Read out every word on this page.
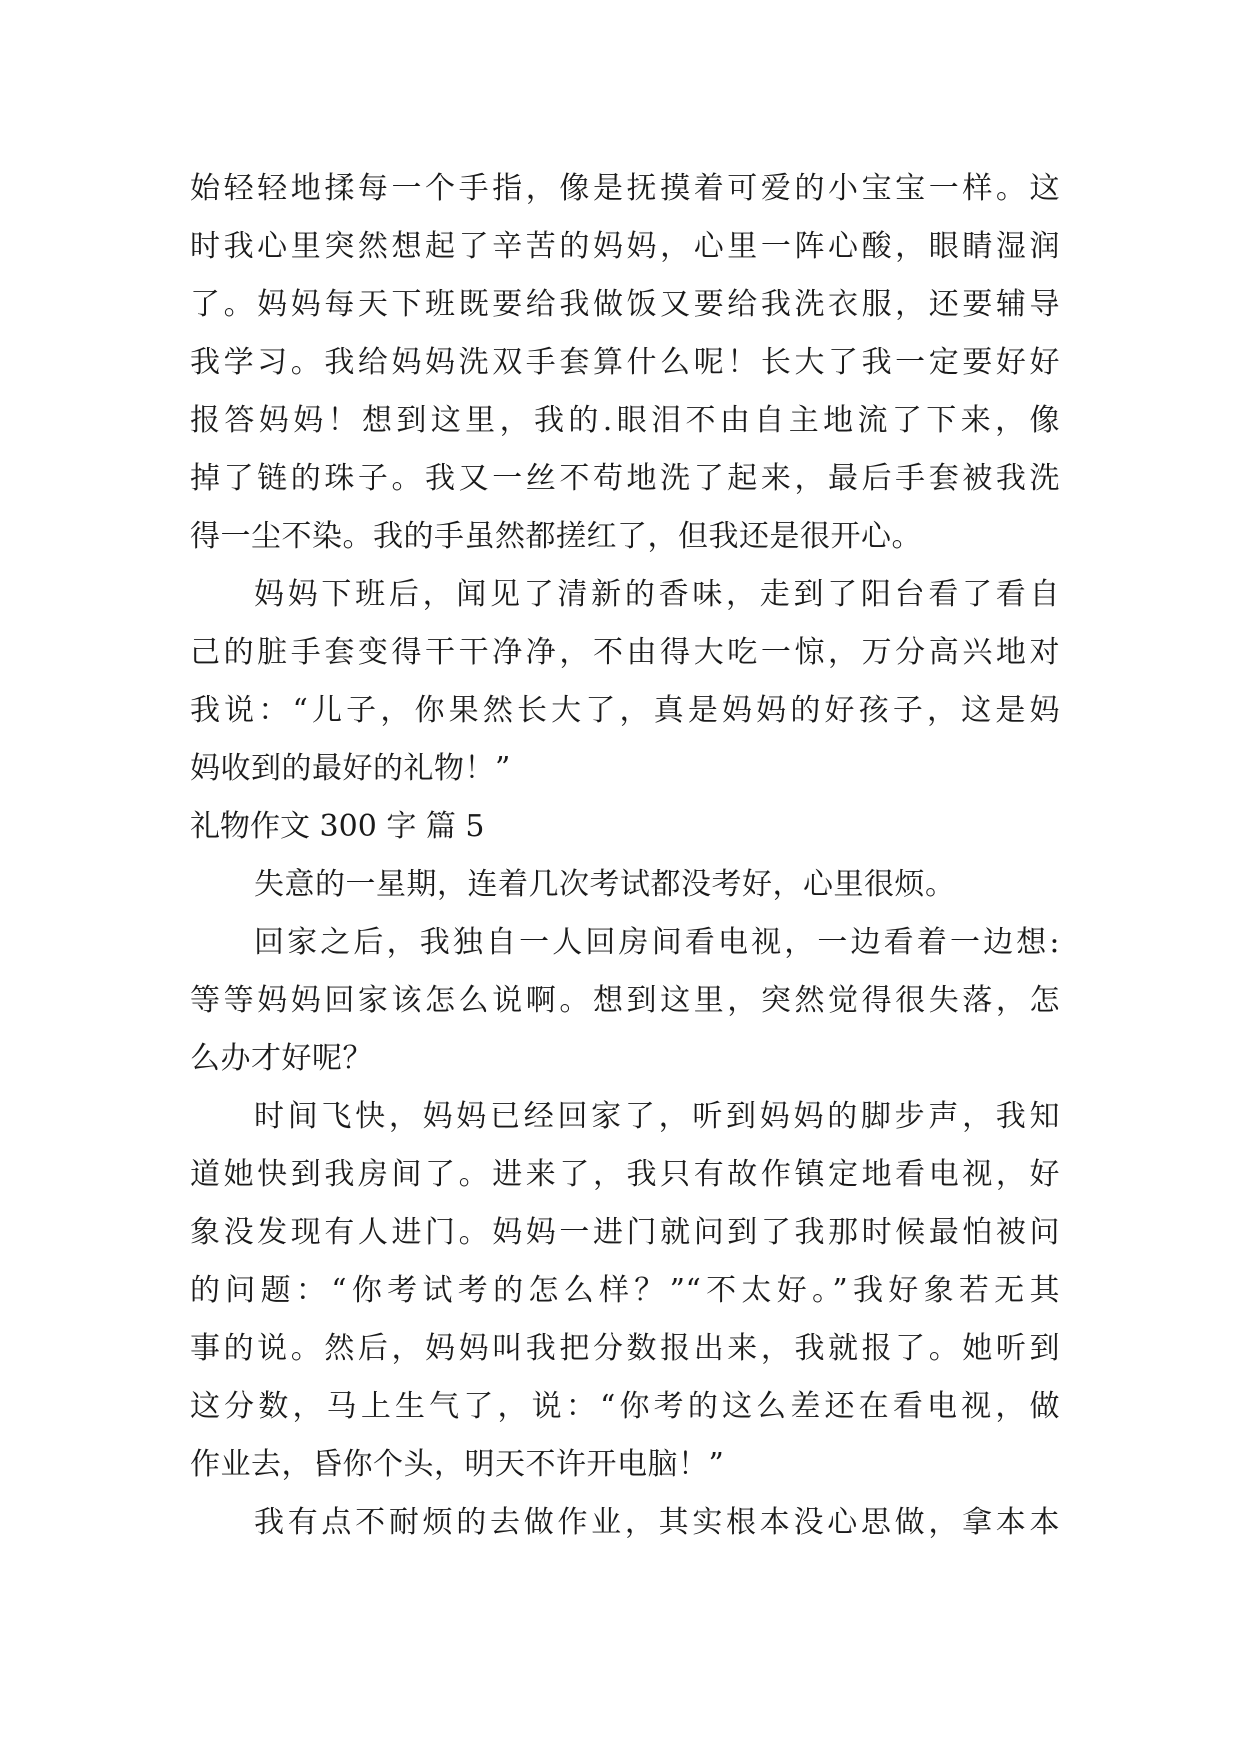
始轻轻地揉每一个手指，像是抚摸着可爱的小宝宝一样。这
时我心里突然想起了辛苦的妈妈，心里一阵心酸，眼睛湿润
了。妈妈每天下班既要给我做饭又要给我洗衣服，还要辅导
我学习。我给妈妈洗双手套算什么呢！长大了我一定要好好
报答妈妈！想到这里，我的.眼泪不由自主地流了下来，像
掉了链的珠子。我又一丝不苟地洗了起来，最后手套被我洗
得一尘不染。我的手虽然都搓红了，但我还是很开心。
妈妈下班后，闻见了清新的香味，走到了阳台看了看自
己的脏手套变得干干净净，不由得大吃一惊，万分高兴地对
我说：“儿子，你果然长大了，真是妈妈的好孩子，这是妈
妈收到的最好的礼物！”
礼物作文 300 字 篇 5
失意的一星期，连着几次考试都没考好，心里很烦。
回家之后，我独自一人回房间看电视，一边看着一边想:
等等妈妈回家该怎么说啊。想到这里，突然觉得很失落，怎
么办才好呢？
时间飞快，妈妈已经回家了，听到妈妈的脚步声，我知
道她快到我房间了。进来了，我只有故作镇定地看电视，好
象没发现有人进门。妈妈一进门就问到了我那时候最怕被问
的问题：“你考试考的怎么样？”“不太好。”我好象若无其
事的说。然后，妈妈叫我把分数报出来，我就报了。她听到
这分数，马上生气了，说：“你考的这么差还在看电视，做
作业去，昏你个头，明天不许开电脑！”
我有点不耐烦的去做作业，其实根本没心思做，拿本本
